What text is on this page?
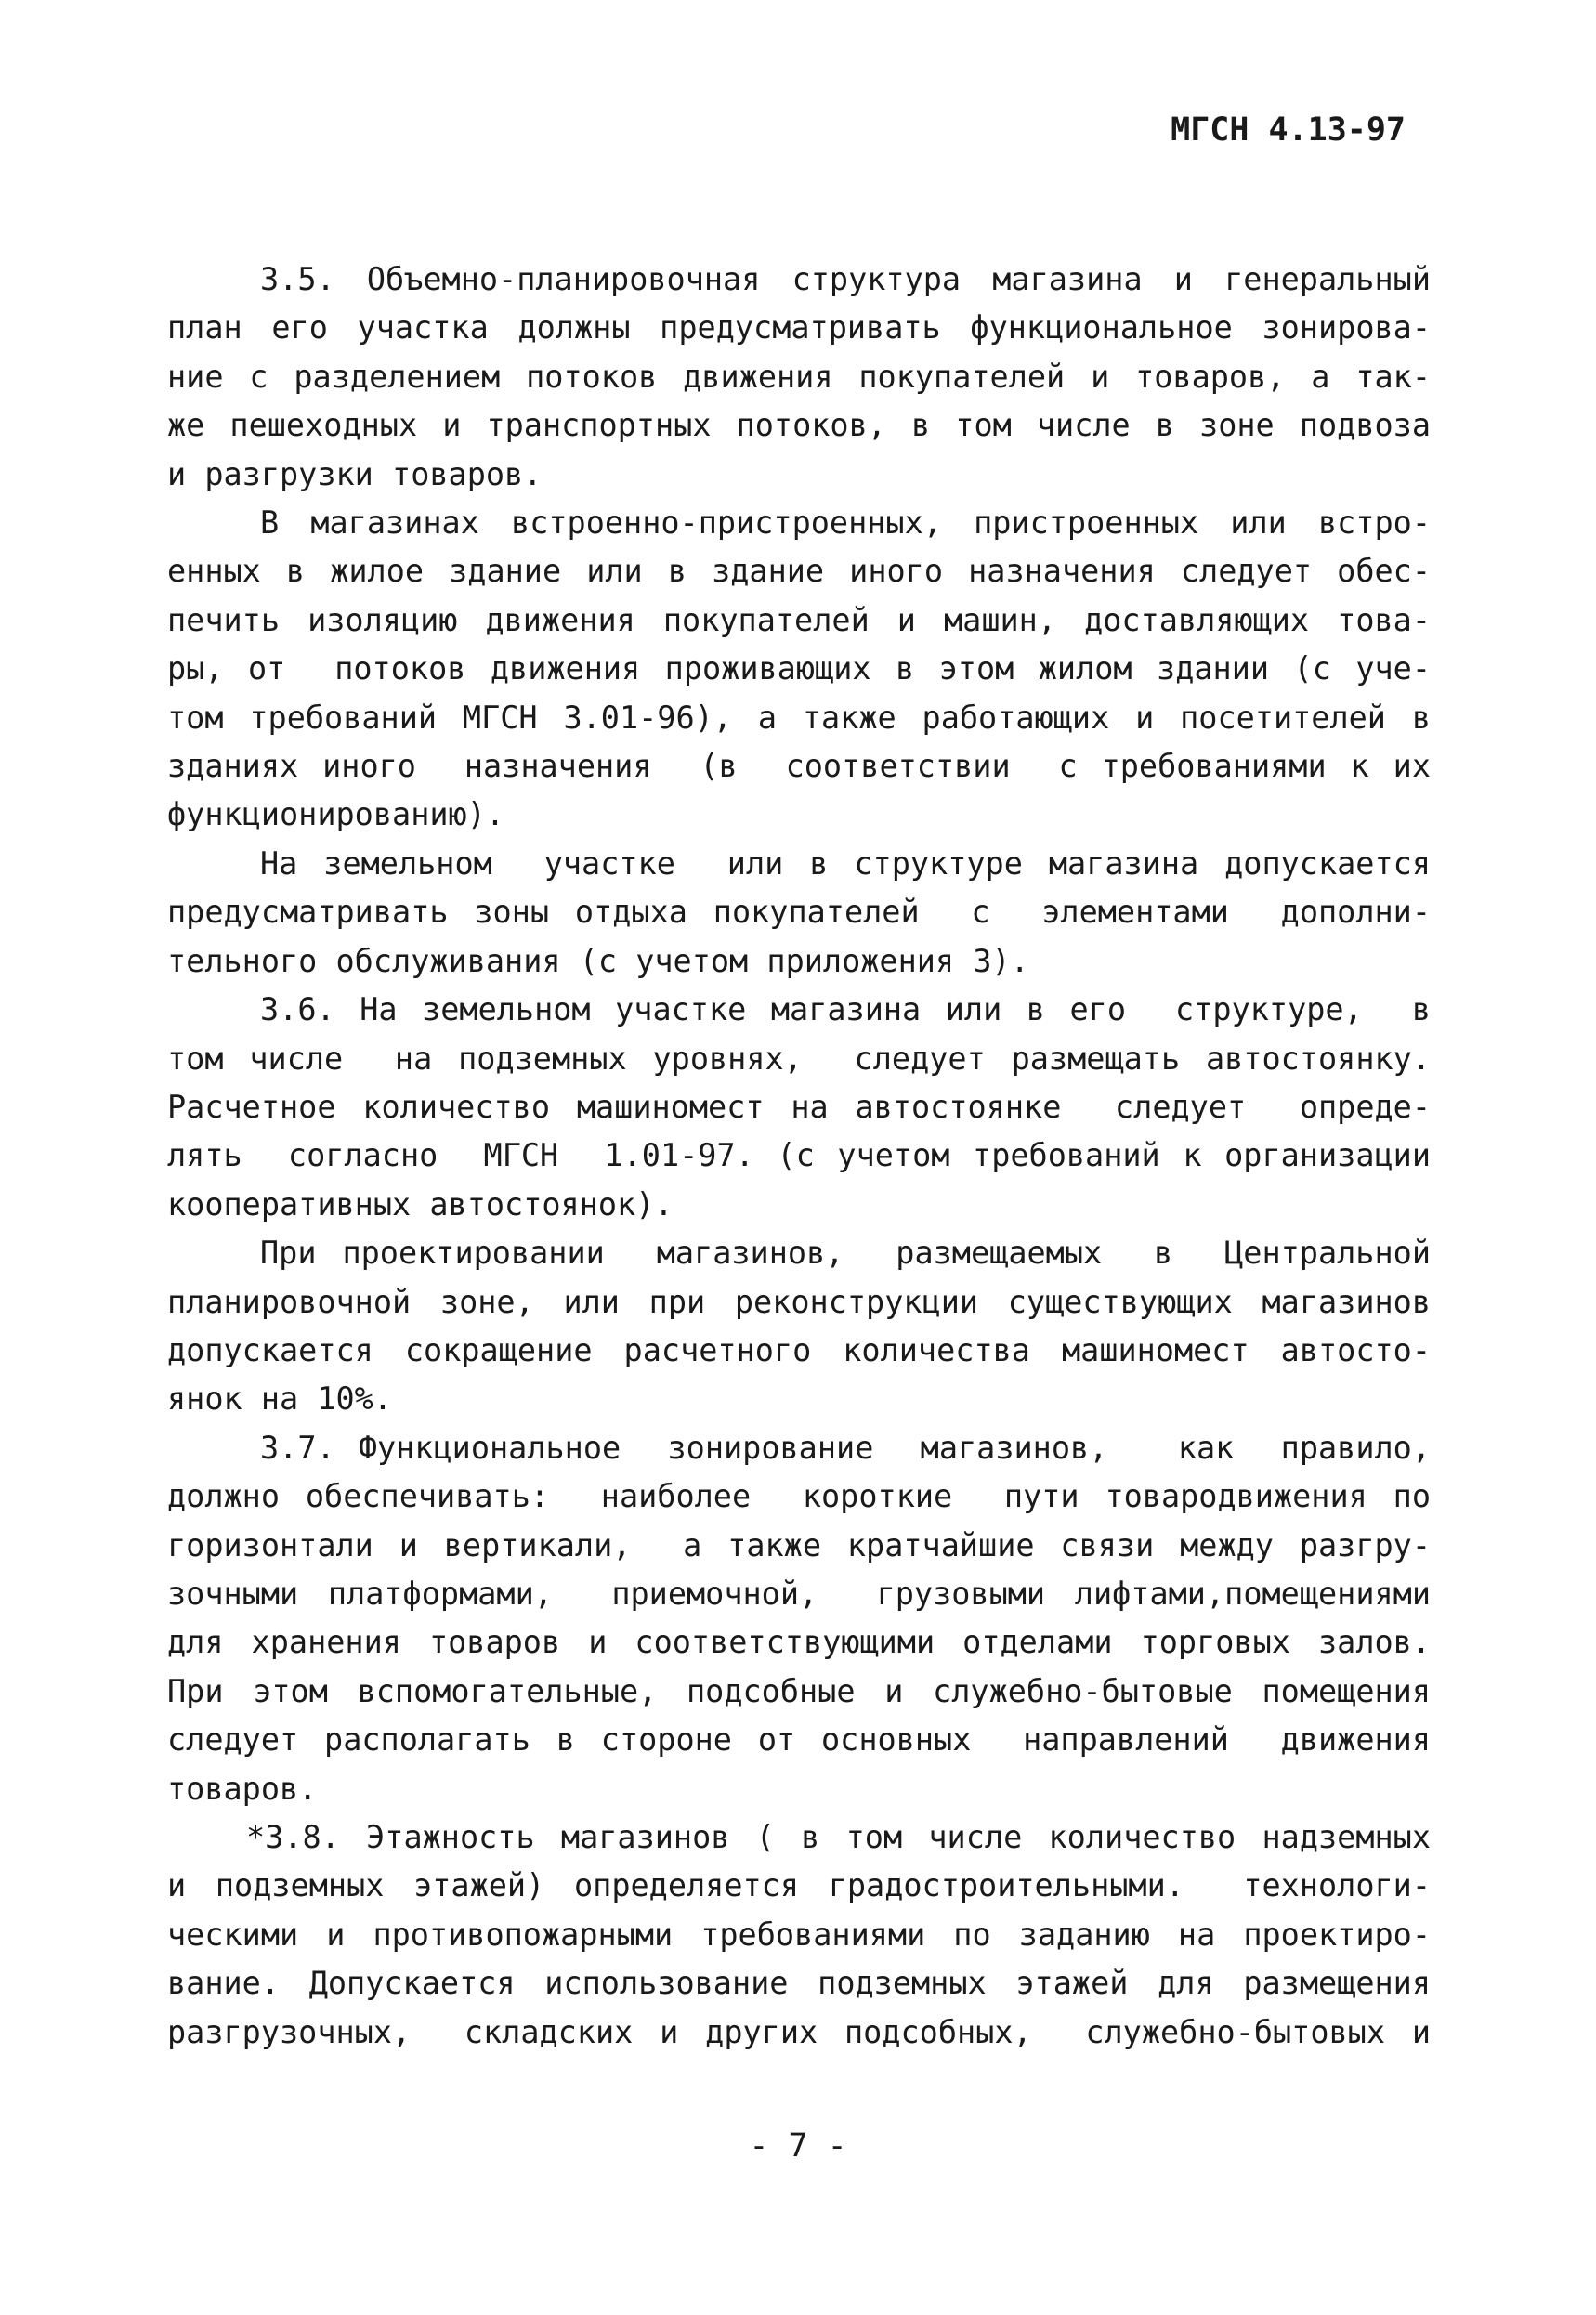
МГСН 4.13-97

3.5. Объемно-планировочная структура магазина и генеральный
план его участка должны предусматривать функциональное зонирова-
ние с разделением потоков движения покупателей и товаров, а так-
же пешеходных и транспортных потоков, в том числе в зоне подвоза
и разгрузки товаров.

В магазинах встроенно-пристроенных, пристроенных или встро-
енных в жилое здание или в здание иного назначения следует обес-
печить изоляцию движения покупателей и машин, доставляющих това-
ры, от  потоков движения проживающих в этом жилом здании (с уче-
том требований МГСН 3.01-96), а также работающих и посетителей в
зданиях иного  назначения  (в  соответствии  с требованиями к их
функционированию).

На земельном  участке  или в структуре магазина допускается
предусматривать зоны отдыха покупателей  с  элементами  дополни-
тельного обслуживания (с учетом приложения 3).

3.6. На земельном участке магазина или в его  структуре,  в
том числе  на подземных уровнях,  следует размещать автостоянку.
Расчетное количество машиномест на автостоянке  следует  опреде-
лять  согласно  МГСН  1.01-97. (с учетом требований к организации
кооперативных автостоянок).

При проектировании  магазинов,  размещаемых  в  Центральной
планировочной зоне, или при реконструкции существующих магазинов
допускается сокращение расчетного количества машиномест автосто-
янок на 10%.

3.7. Функциональное  зонирование  магазинов,   как  правило,
должно обеспечивать:  наиболее  короткие  пути товародвижения по
горизонтали и вертикали,  а также кратчайшие связи между разгру-
зочными платформами,  приемочной,  грузовыми лифтами,помещениями
для хранения товаров и соответствующими отделами торговых залов.
При этом вспомогательные, подсобные и служебно-бытовые помещения
следует располагать в стороне от основных  направлений  движения
товаров.

*3.8. Этажность магазинов ( в том числе количество надземных
и подземных этажей) определяется градостроительными.  технологи-
ческими и противопожарными требованиями по заданию на проектиро-
вание. Допускается использование подземных этажей для размещения
разгрузочных,  складских и других подсобных,  служебно-бытовых и

- 7 -
